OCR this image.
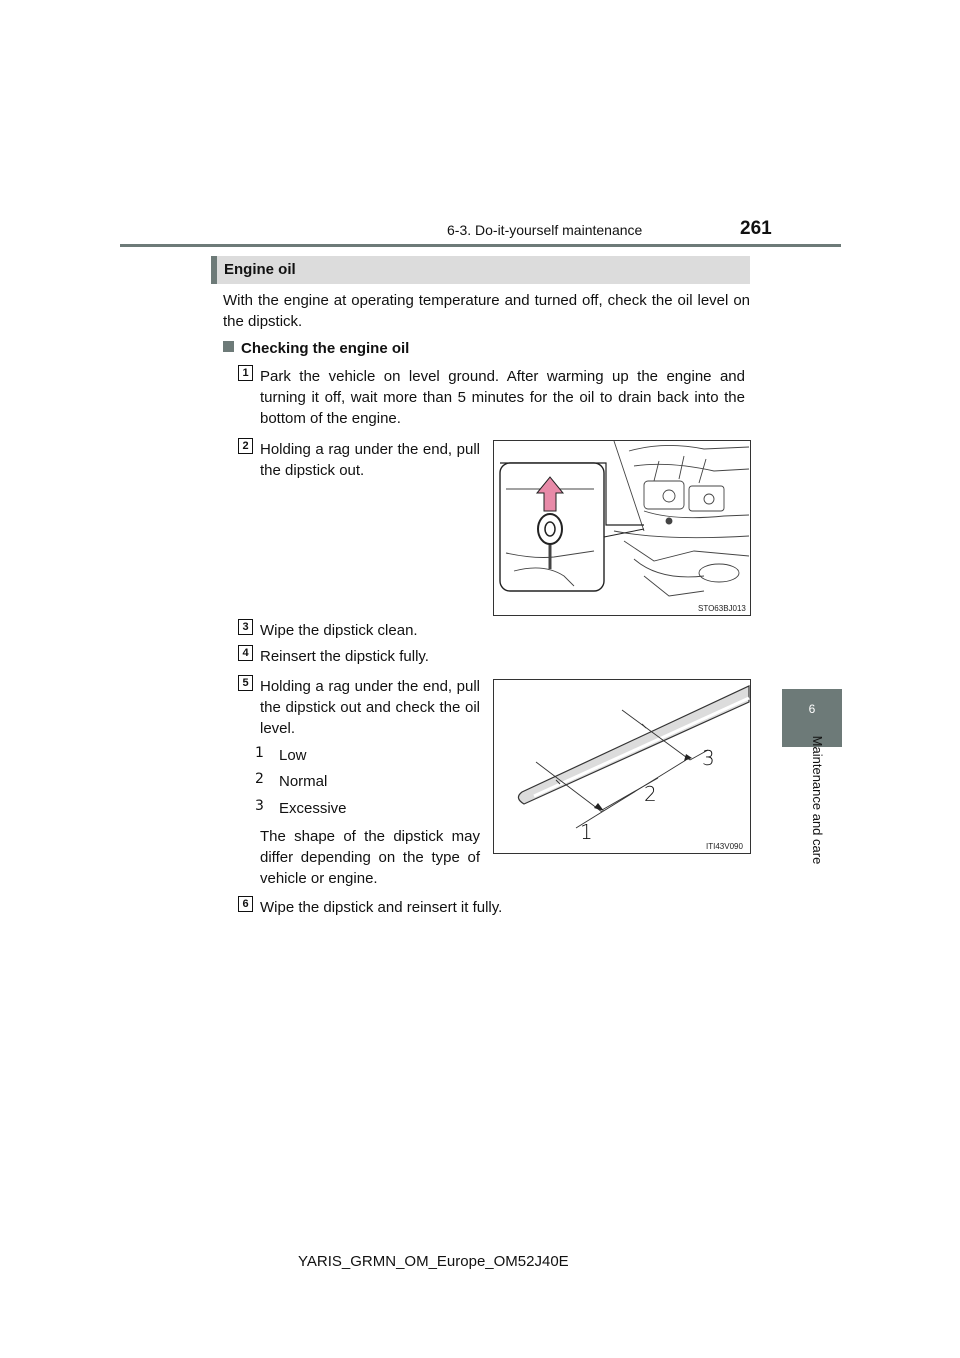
6-3. Do-it-yourself maintenance	261
6
Maintenance and care
Engine oil
With the engine at operating temperature and turned off, check the oil level on the dipstick.
Checking the engine oil
1 Park the vehicle on level ground. After warming up the engine and turning it off, wait more than 5 minutes for the oil to drain back into the bottom of the engine.
2 Holding a rag under the end, pull the dipstick out.
STO63BJ013
3 Wipe the dipstick clean.
4 Reinsert the dipstick fully.
5 Holding a rag under the end, pull the dipstick out and check the oil level.
1 Low
2 Normal
3 Excessive
The shape of the dipstick may differ depending on the type of vehicle or engine.
1
2
3
ITI43V090
6 Wipe the dipstick and reinsert it fully.
YARIS_GRMN_OM_Europe_OM52J40E
